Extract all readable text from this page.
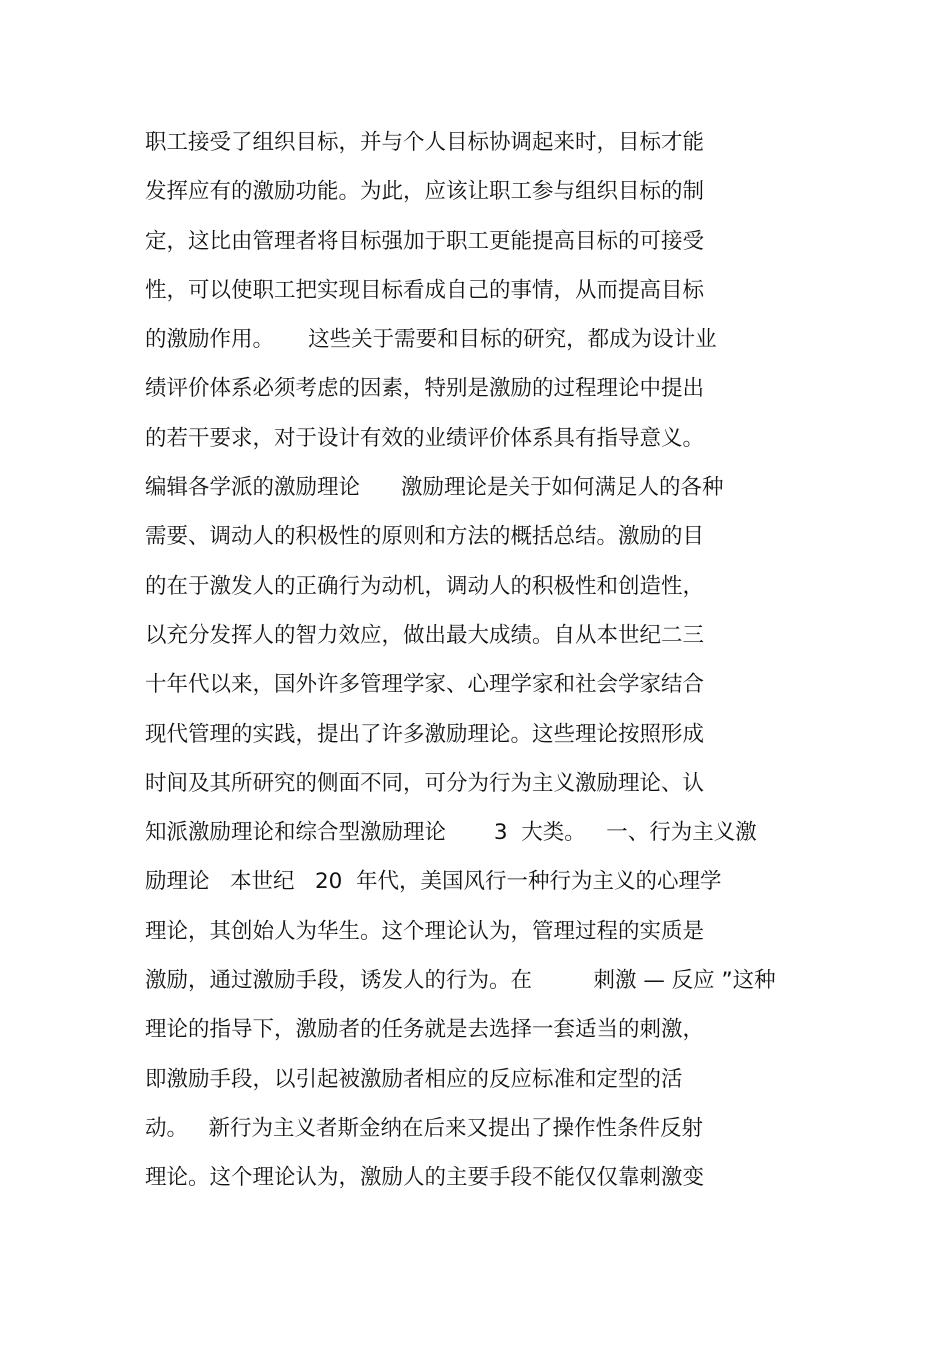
职工接受了组织目标，并与个人目标协调起来时，目标才能
发挥应有的激励功能。为此，应该让职工参与组织目标的制
定，这比由管理者将目标强加于职工更能提高目标的可接受
性，可以使职工把实现目标看成自己的事情，从而提高目标
的激励作用。     这些关于需要和目标的研究，都成为设计业
绩评价体系必须考虑的因素，特别是激励的过程理论中提出
的若干要求，对于设计有效的业绩评价体系具有指导意义。
编辑各学派的激励理论      激励理论是关于如何满足人的各种
需要、调动人的积极性的原则和方法的概括总结。激励的目
的在于激发人的正确行为动机，调动人的积极性和创造性，
以充分发挥人的智力效应，做出最大成绩。自从本世纪二三
十年代以来，国外许多管理学家、心理学家和社会学家结合
现代管理的实践，提出了许多激励理论。这些理论按照形成
时间及其所研究的侧面不同，可分为行为主义激励理论、认
知派激励理论和综合型激励理论       3  大类。   一、行为主义激
励理论   本世纪   20  年代，美国风行一种行为主义的心理学
理论，其创始人为华生。这个理论认为，管理过程的实质是
激励，通过激励手段，诱发人的行为。在         刺激 — 反应 ”这种
理论的指导下，激励者的任务就是去选择一套适当的刺激，
即激励手段，以引起被激励者相应的反应标准和定型的活
动。   新行为主义者斯金纳在后来又提出了操作性条件反射
理论。这个理论认为，激励人的主要手段不能仅仅靠刺激变
